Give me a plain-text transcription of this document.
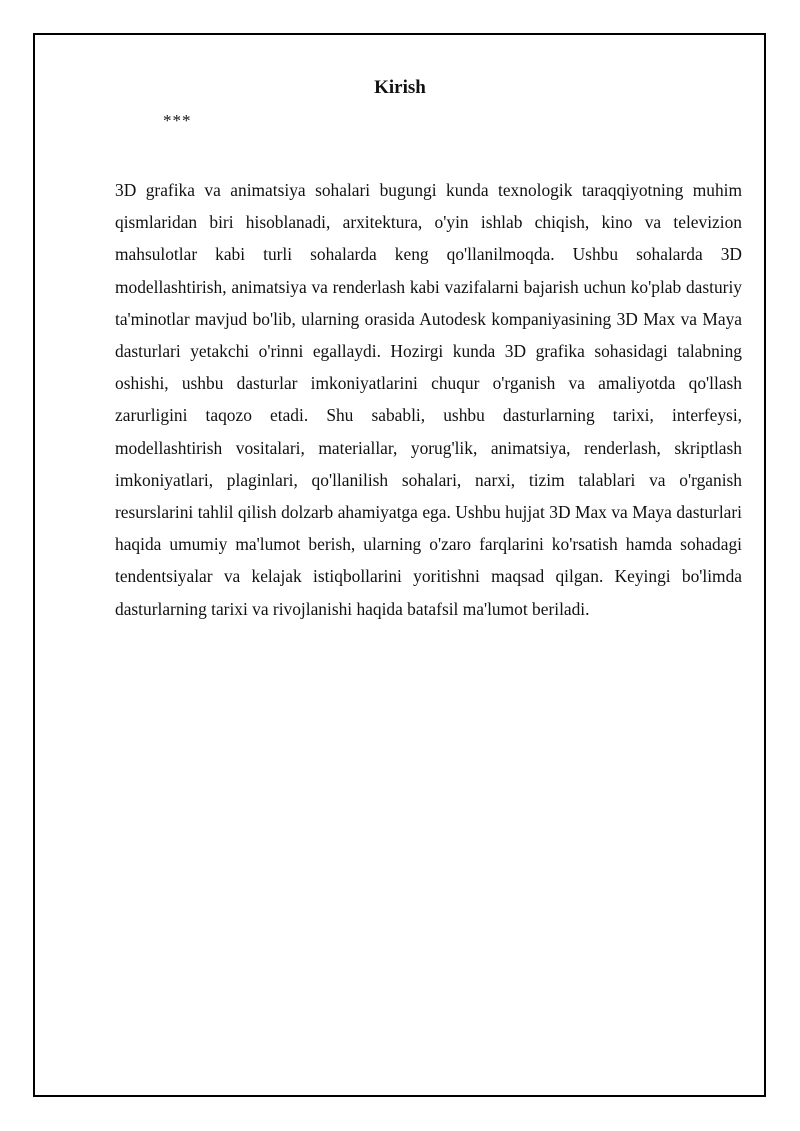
Kirish
***

3D grafika va animatsiya sohalari bugungi kunda texnologik taraqqiyotning muhim qismlaridan biri hisoblanadi, arxitektura, o'yin ishlab chiqish, kino va televizion mahsulotlar kabi turli sohalarda keng qo'llanilmoqda. Ushbu sohalarda 3D modellashtirish, animatsiya va renderlash kabi vazifalarni bajarish uchun ko'plab dasturiy ta'minotlar mavjud bo'lib, ularning orasida Autodesk kompaniyasining 3D Max va Maya dasturlari yetakchi o'rinni egallaydi. Hozirgi kunda 3D grafika sohasidagi talabning oshishi, ushbu dasturlar imkoniyatlarini chuqur o'rganish va amaliyotda qo'llash zarurligini taqozo etadi. Shu sababli, ushbu dasturlarning tarixi, interfeysi, modellashtirish vositalari, materiallar, yorug'lik, animatsiya, renderlash, skriptlash imkoniyatlari, plaginlari, qo'llanilish sohalari, narxi, tizim talablari va o'rganish resurslarini tahlil qilish dolzarb ahamiyatga ega. Ushbu hujjat 3D Max va Maya dasturlari haqida umumiy ma'lumot berish, ularning o'zaro farqlarini ko'rsatish hamda sohadagi tendentsiyalar va kelajak istiqbollarini yoritishni maqsad qilgan. Keyingi bo'limda dasturlarning tarixi va rivojlanishi haqida batafsil ma'lumot beriladi.
